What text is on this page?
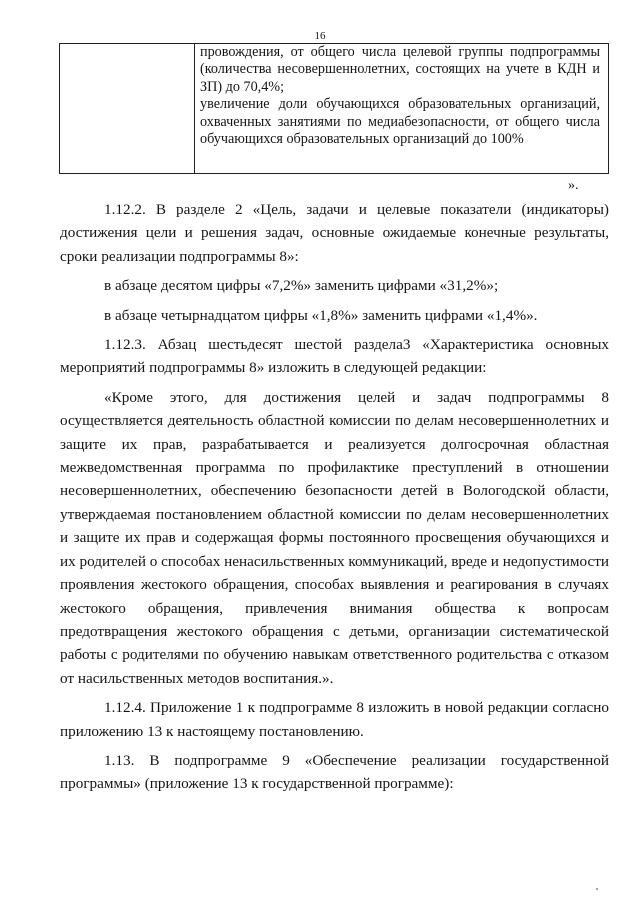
16

провождения, от общего числа целевой группы подпрограммы (количества несовершеннолетних, состоящих на учете в КДН и ЗП) до 70,4%;

увеличение доли обучающихся образовательных организаций, охваченных занятиями по медиабезопасности, от общего числа обучающихся образовательных организаций до 100%

».

1.12.2. В разделе 2 «Цель, задачи и целевые показатели (индикаторы) достижения цели и решения задач, основные ожидаемые конечные результаты, сроки реализации подпрограммы 8»:

в абзаце десятом цифры «7,2%» заменить цифрами «31,2%»;

в абзаце четырнадцатом цифры «1,8%» заменить цифрами «1,4%».

1.12.3. Абзац шестьдесят шестой раздела3 «Характеристика основных мероприятий подпрограммы 8» изложить в следующей редакции:

«Кроме этого, для достижения целей и задач подпрограммы 8 осуществляется деятельность областной комиссии по делам несовершеннолетних и защите их прав, разрабатывается и реализуется долгосрочная областная межведомственная программа по профилактике преступлений в отношении несовершеннолетних, обеспечению безопасности детей в Вологодской области, утверждаемая постановлением областной комиссии по делам несовершеннолетних и защите их прав и содержащая формы постоянного просвещения обучающихся и их родителей о способах ненасильственных коммуникаций, вреде и недопустимости проявления жестокого обращения, способах выявления и реагирования в случаях жестокого обращения, привлечения внимания общества к вопросам предотвращения жестокого обращения с детьми, организации систематической работы с родителями по обучению навыкам ответственного родительства с отказом от насильственных методов воспитания.».

1.12.4. Приложение 1 к подпрограмме 8 изложить в новой редакции согласно приложению 13 к настоящему постановлению.

1.13. В подпрограмме 9 «Обеспечение реализации государственной программы» (приложение 13 к государственной программе):
